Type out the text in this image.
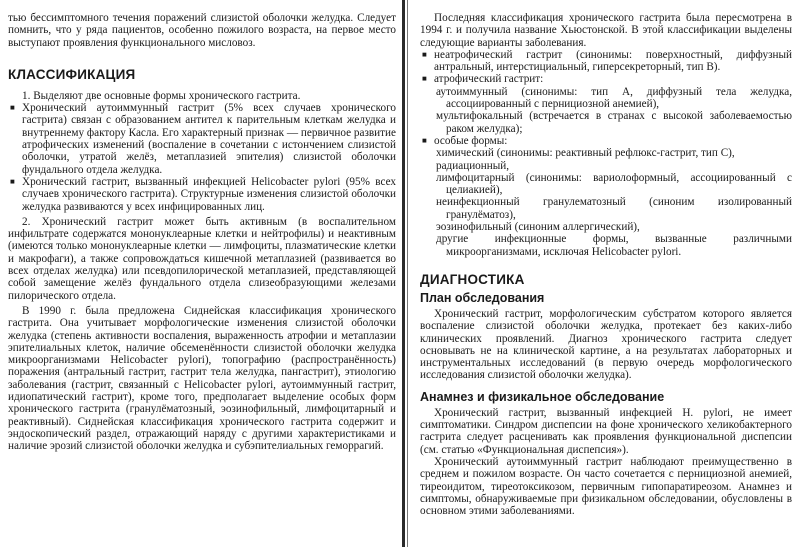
тью бессимптомного течения поражений слизистой оболочки желудка. Следует помнить, что у ряда пациентов, особенно пожилого возраста, на первое место выступают проявления функционального мисловоз.

КЛАССИФИКАЦИЯ

1. Выделяют две основные формы хронического гастрита.

■ Хронический аутоиммунный гастрит (5% всех случаев хронического гастрита) связан с образованием антител к парительным клеткам желудка и внутреннему фактору Касла. Его характерный признак — первичное развитие атрофических изменений (воспаление в сочетании с истончением слизистой оболочки, утратой желёз, метаплазией эпителия) слизистой оболочки фундального отдела желудка.

■ Хронический гастрит, вызванный инфекцией Helicobacter pylori (95% всех случаев хронического гастрита). Структурные изменения слизистой оболочки желудка развиваются у всех инфицированных лиц.

2. Хронический гастрит может быть активным (в воспалительном инфильтрате содержатся мононуклеарные клетки и нейтрофилы) и неактивным (имеются только мононуклеарные клетки — лимфоциты, плазматические клетки и макрофаги), а также сопровождаться кишечной метаплазией (развивается во всех отделах желудка) или псевдопилорической метаплазией, представляющей собой замещение желёз фундального отдела слизеобразующими железами пилорического отдела.

В 1990 г. была предложена Сиднейская классификация хронического гастрита. Она учитывает морфологические изменения слизистой оболочки желудка (степень активности воспаления, выраженность атрофии и метаплазии эпителиальных клеток, наличие обсеменённости слизистой оболочки желудка микроорганизмами Helicobacter pylori), топографию (распространённость) поражения (антральный гастрит, гастрит тела желудка, пангастрит), этиологию заболевания (гастрит, связанный с Helicobacter pylori, аутоиммунный гастрит, идиопатический гастрит), кроме того, предполагает выделение особых форм хронического гастрита (гранулёматозный, эозинофильный, лимфоцитарный и реактивный). Сиднейская классификация хронического гастрита содержит и эндоскопический раздел, отражающий наряду с другими характеристиками и наличие эрозий слизистой оболочки желудка и субэпителиальных геморрагий.

Последняя классификация хронического гастрита была пересмотрена в 1994 г. и получила название Хьюстонской. В этой классификации выделены следующие варианты заболевания.

■ неатрофический гастрит (синонимы: поверхностный, диффузный антральный, интерстициальный, гиперсекреторный, тип В).

■ атрофический гастрит:

аутоиммунный (синонимы: тип А, диффузный тела желудка, ассоциированный с пернициозной анемией),

мультифокальный (встречается в странах с высокой заболеваемостью раком желудка);

■ особые формы:

химический (синонимы: реактивный рефлюкс-гастрит, тип С),

радиационный,

лимфоцитарный (синонимы: вариолоформный, ассоциированный с целиакией),

неинфекционный гранулематозный (синоним изолированный гранулёматоз),

эозинофильный (синоним аллергический),

другие инфекционные формы, вызванные различными микроорганизмами, исключая Helicobacter pylori.

ДИАГНОСТИКА
План обследования

Хронический гастрит, морфологическим субстратом которого является воспаление слизистой оболочки желудка, протекает без каких-либо клинических проявлений. Диагноз хронического гастрита следует основывать не на клинической картине, а на результатах лабораторных и инструментальных исследований (в первую очередь морфологического исследования слизистой оболочки желудка).

Анамнез и физикальное обследование

Хронический гастрит, вызванный инфекцией H. pylori, не имеет симптоматики. Синдром диспепсии на фоне хронического хеликобактерного гастрита следует расценивать как проявления функциональной диспепсии (см. статью «Функциональная диспепсия»).

Хронический аутоиммунный гастрит наблюдают преимущественно в среднем и пожилом возрасте. Он часто сочетается с пернициозной анемией, тиреоидитом, тиреотоксикозом, первичным гипопаратиреозом. Анамнез и симптомы, обнаруживаемые при физикальном обследовании, обусловлены в основном этими заболеваниями.
